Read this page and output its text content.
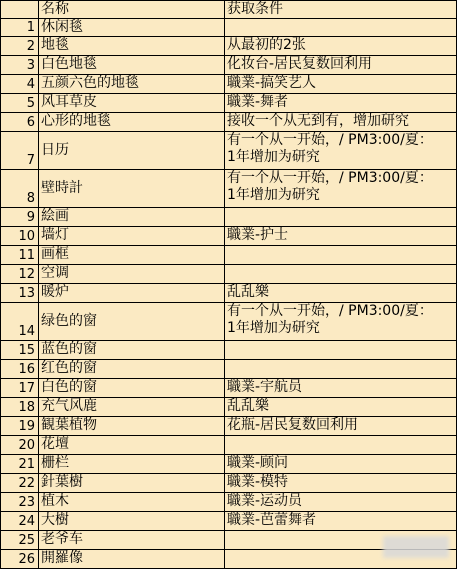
	名称	获取条件
1	休闲毯	

2	地毯	从最初的2张

3	白色地毯	化妆台-居民复数回利用

4	五颜六色的地毯	職業-搞笑艺人

5	风耳草皮	職業-舞者

6	心形的地毯	接收一个从无到有，增加研究

7	日历	有一个从一开始，/ PM3:00/夏：
1年增加为研究

8	壁時計	有一个从一开始，/ PM3:00/夏：
1年增加为研究

9	絵画	

10	墙灯	職業-护士

11	画框	

12	空调	

13	暖炉	乱乱樂

14	绿色的窗	有一个从一开始，/ PM3:00/夏：
1年增加为研究

15	蓝色的窗	

16	红色的窗	

17	白色的窗	職業-宇航员

18	充气风鹿	乱乱樂

19	観葉植物	花瓶-居民复数回利用

20	花壇	

21	栅栏	職業-顾问

22	針葉樹	職業-模特

23	植木	職業-运动员

24	大樹	職業-芭蕾舞者

25	老爷车	

26	開羅像	
